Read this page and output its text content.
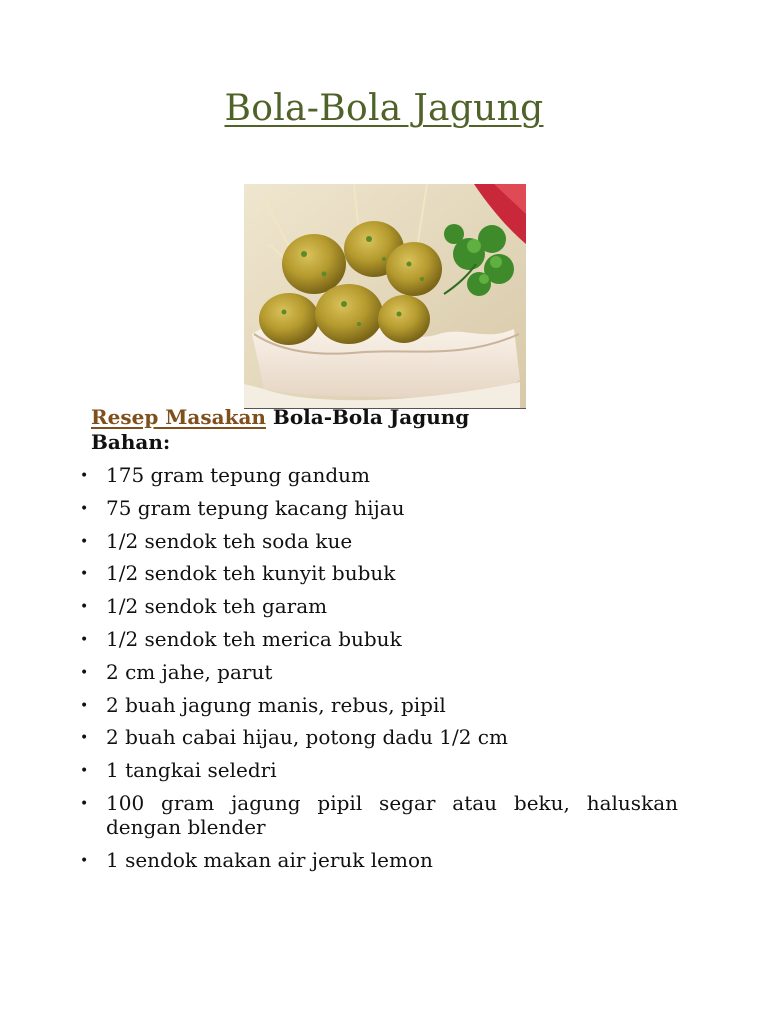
Bola-Bola Jagung
Resep Masakan Bola-Bola Jagung
Bahan:
• 175 gram tepung gandum
• 75 gram tepung kacang hijau
• 1/2 sendok teh soda kue
• 1/2 sendok teh kunyit bubuk
• 1/2 sendok teh garam
• 1/2 sendok teh merica bubuk
• 2 cm jahe, parut
• 2 buah jagung manis, rebus, pipil
• 2 buah cabai hijau, potong dadu 1/2 cm
• 1 tangkai seledri
• 100 gram jagung pipil segar atau beku, haluskan dengan blender
• 1 sendok makan air jeruk lemon
